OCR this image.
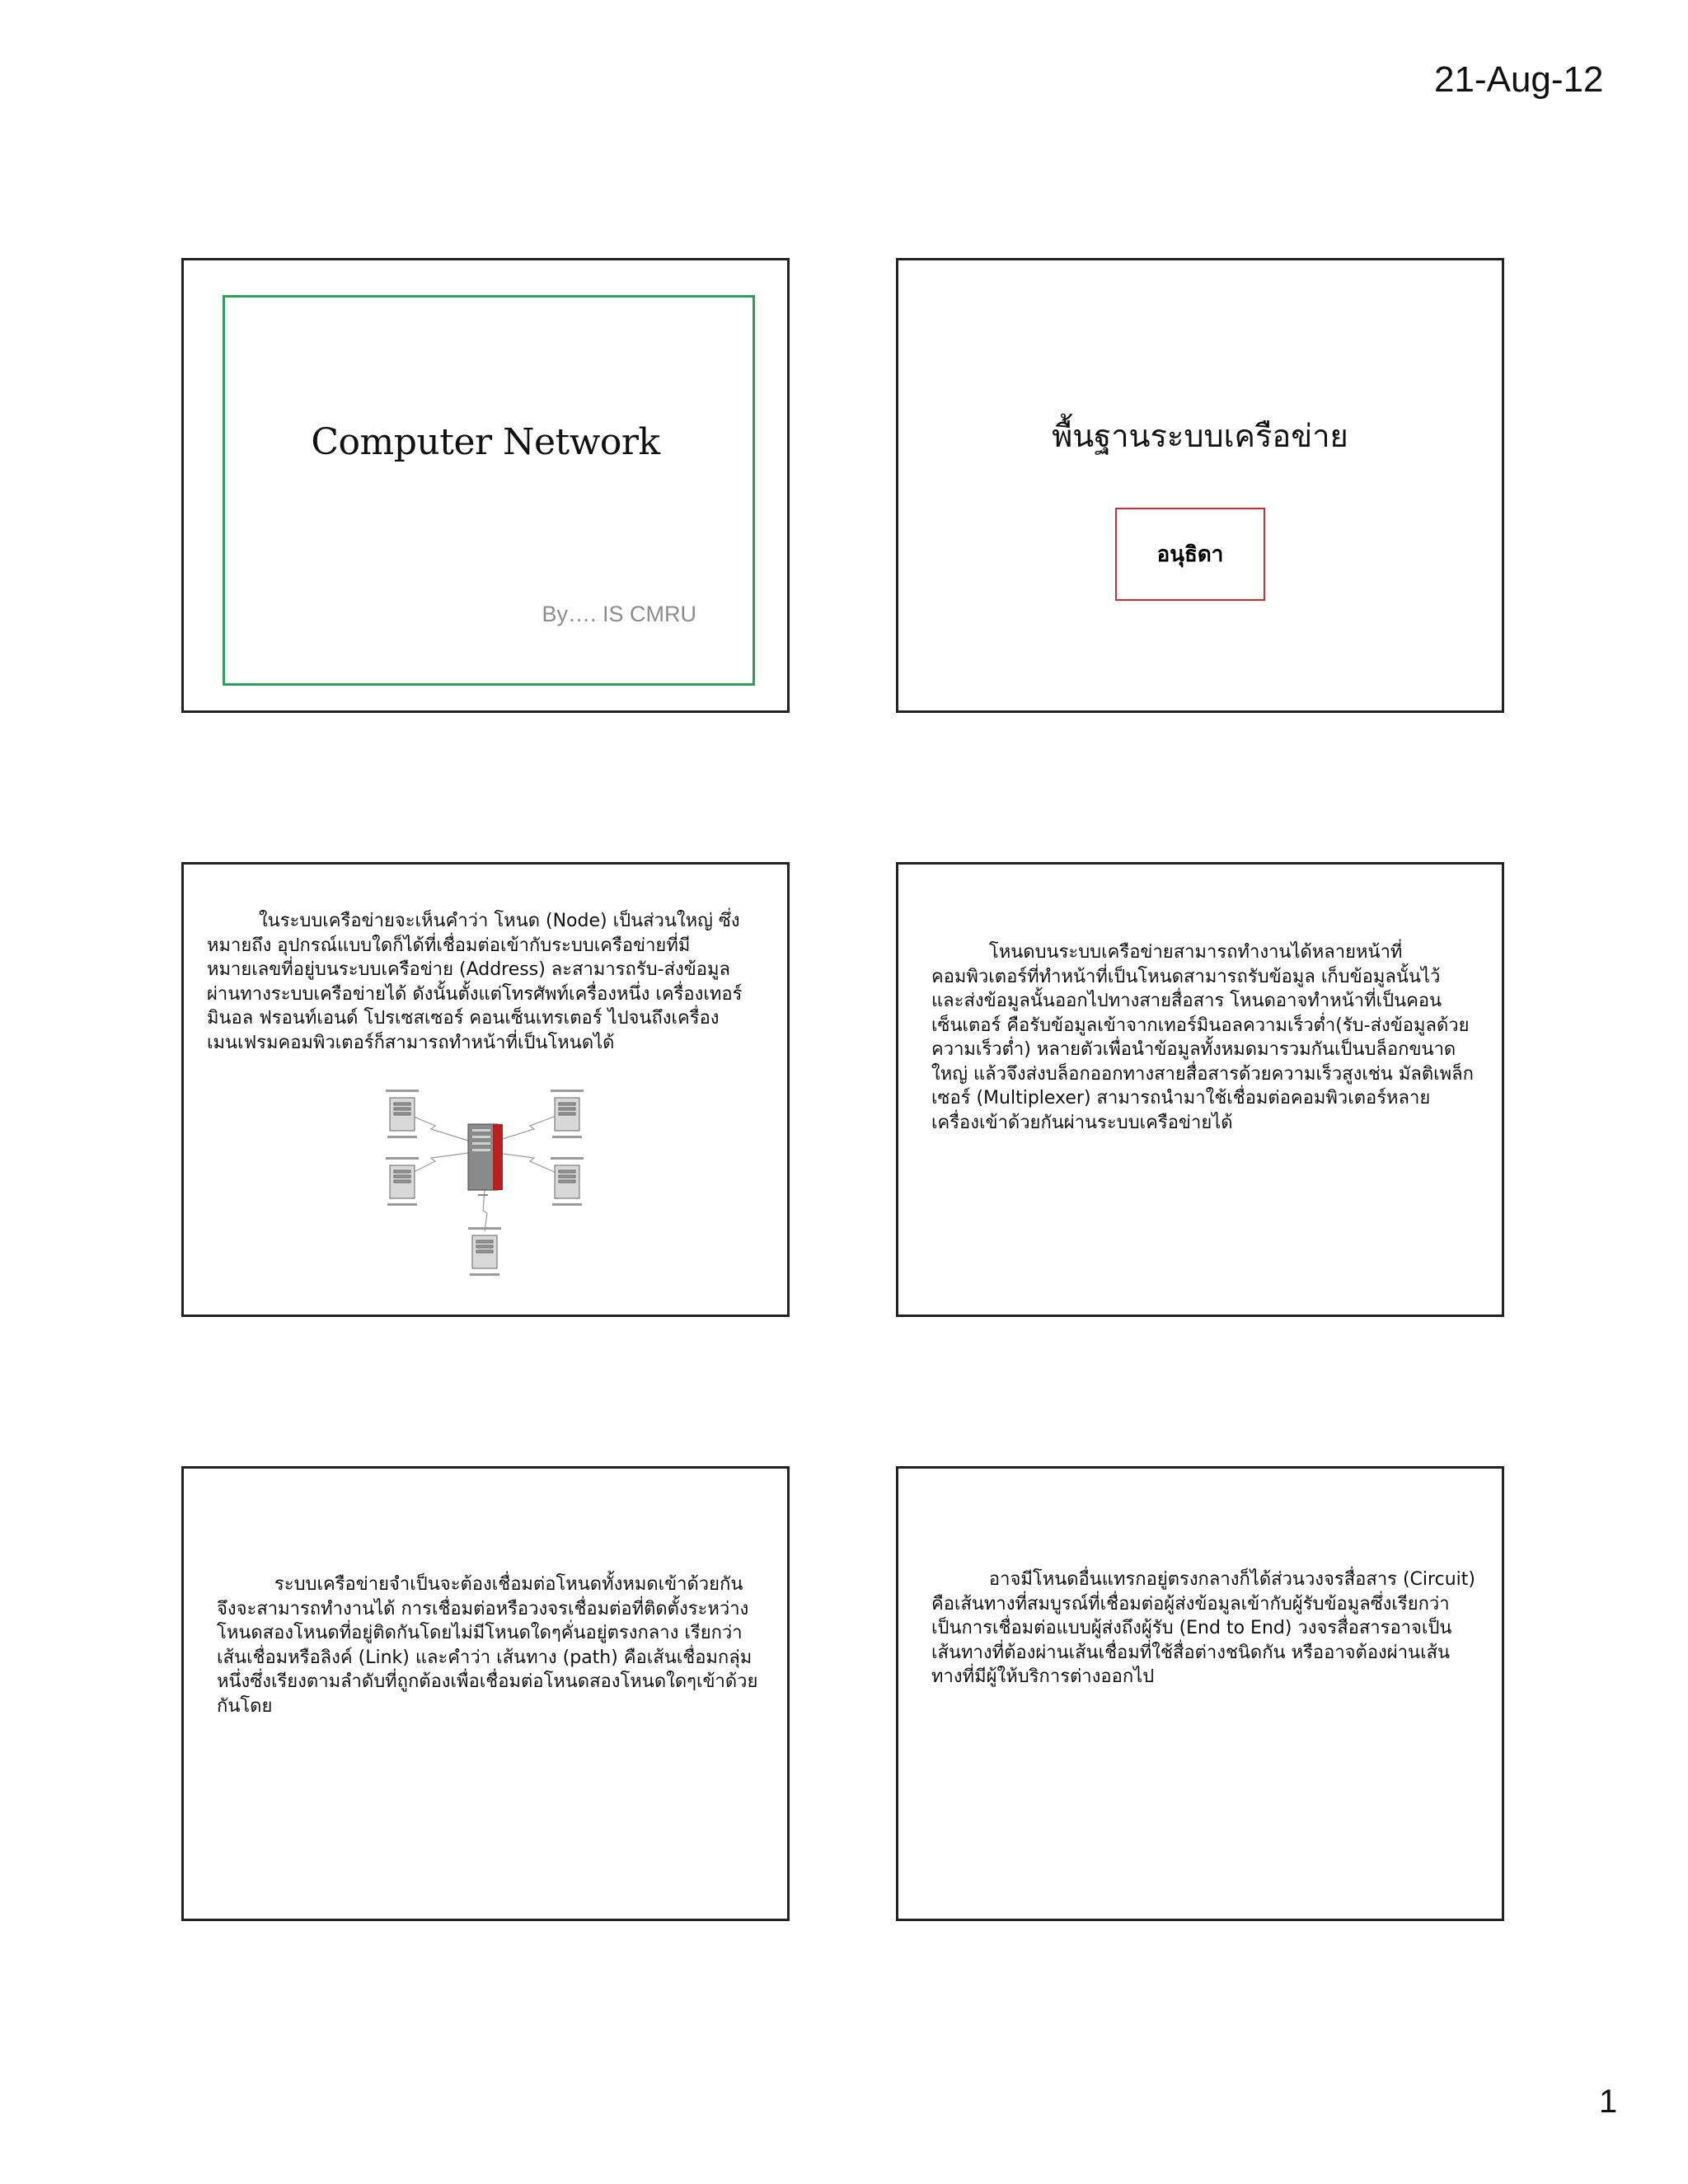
21-Aug-12
Computer Network
By…. IS CMRU
พื้นฐานระบบเครือข่าย
อนุธิดา
ในระบบเครือข่ายจะเห็นคำว่า โหนด (Node) เป็นส่วนใหญ่ ซึ่งหมายถึง อุปกรณ์แบบใดก็ได้ที่เชื่อมต่อเข้ากับระบบเครือข่ายที่มีหมายเลขที่อยู่บนระบบเครือข่าย (Address) ละสามารถรับ-ส่งข้อมูลผ่านทางระบบเครือข่ายได้ ดังนั้นตั้งแต่โทรศัพท์เครื่องหนึ่ง เครื่องเทอร์มินอล ฟรอนท์เอนด์ โปรเซสเซอร์ คอนเซ็นเทรเตอร์ ไปจนถึงเครื่องเมนเฟรมคอมพิวเตอร์ก็สามารถทำหน้าที่เป็นโหนดได้
โหนดบนระบบเครือข่ายสามารถทำงานได้หลายหน้าที่ คอมพิวเตอร์ที่ทำหน้าที่เป็นโหนดสามารถรับข้อมูล เก็บข้อมูลนั้นไว้ และส่งข้อมูลนั้นออกไปทางสายสื่อสาร โหนดอาจทำหน้าที่เป็นคอนเซ็นเตอร์ คือรับข้อมูลเข้าจากเทอร์มินอลความเร็วต่ำ(รับ-ส่งข้อมูลด้วยความเร็วต่ำ) หลายตัวเพื่อนำข้อมูลทั้งหมดมารวมกันเป็นบล็อกขนาดใหญ่ แล้วจึงส่งบล็อกออกทางสายสื่อสารด้วยความเร็วสูงเช่น มัลติเพล็กเซอร์ (Multiplexer) สามารถนำมาใช้เชื่อมต่อคอมพิวเตอร์หลายเครื่องเข้าด้วยกันผ่านระบบเครือข่ายได้
ระบบเครือข่ายจำเป็นจะต้องเชื่อมต่อโหนดทั้งหมดเข้าด้วยกันจึงจะสามารถทำงานได้ การเชื่อมต่อหรือวงจรเชื่อมต่อที่ติดตั้งระหว่างโหนดสองโหนดที่อยู่ติดกันโดยไม่มีโหนดใดๆคั่นอยู่ตรงกลาง เรียกว่าเส้นเชื่อมหรือลิงค์ (Link) และคำว่า เส้นทาง (path) คือเส้นเชื่อมกลุ่มหนึ่งซึ่งเรียงตามลำดับที่ถูกต้องเพื่อเชื่อมต่อโหนดสองโหนดใดๆเข้าด้วยกันโดย
อาจมีโหนดอื่นแทรกอยู่ตรงกลางก็ได้ส่วนวงจรสื่อสาร (Circuit) คือเส้นทางที่สมบูรณ์ที่เชื่อมต่อผู้ส่งข้อมูลเข้ากับผู้รับข้อมูลซึ่งเรียกว่าเป็นการเชื่อมต่อแบบผู้ส่งถึงผู้รับ (End to End) วงจรสื่อสารอาจเป็นเส้นทางที่ต้องผ่านเส้นเชื่อมที่ใช้สื่อต่างชนิดกัน หรืออาจต้องผ่านเส้นทางที่มีผู้ให้บริการต่างออกไป
1
